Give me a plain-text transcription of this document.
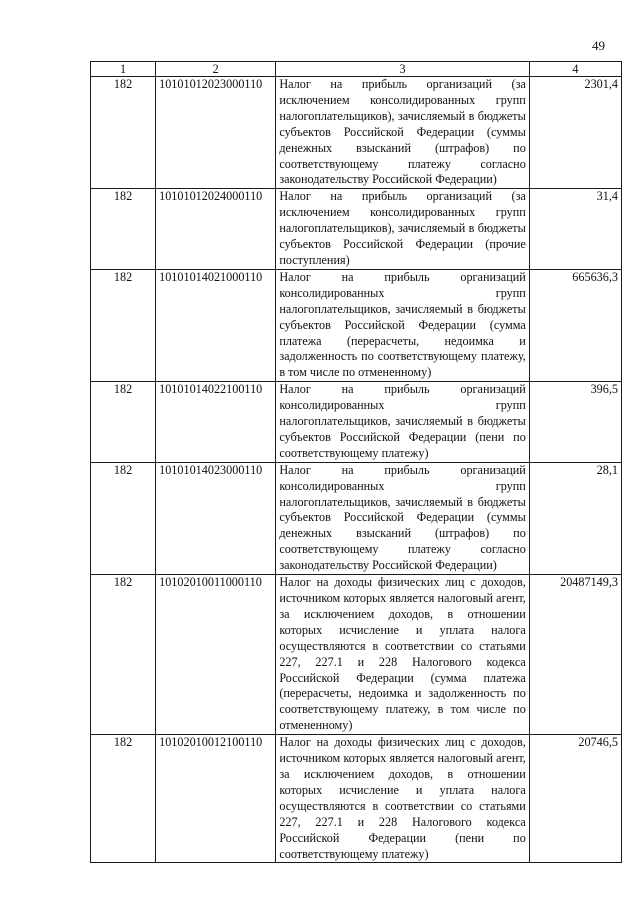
49
1	2	3	4
182	10101012023000110	Налог на прибыль организаций (за исключением консолидированных групп налогоплательщиков), зачисляемый в бюджеты субъектов Российской Федерации (суммы денежных взысканий (штрафов) по соответствующему платежу согласно законодательству Российской Федерации)	2301,4
182	10101012024000110	Налог на прибыль организаций (за исключением консолидированных групп налогоплательщиков), зачисляемый в бюджеты субъектов Российской Федерации (прочие поступления)	31,4
182	10101014021000110	Налог на прибыль организаций консолидированных групп налогоплательщиков, зачисляемый в бюджеты субъектов Российской Федерации (сумма платежа (перерасчеты, недоимка и задолженность по соответствующему платежу, в том числе по отмененному)	665636,3
182	10101014022100110	Налог на прибыль организаций консолидированных групп налогоплательщиков, зачисляемый в бюджеты субъектов Российской Федерации (пени по соответствующему платежу)	396,5
182	10101014023000110	Налог на прибыль организаций консолидированных групп налогоплательщиков, зачисляемый в бюджеты субъектов Российской Федерации (суммы денежных взысканий (штрафов) по соответствующему платежу согласно законодательству Российской Федерации)	28,1
182	10102010011000110	Налог на доходы физических лиц с доходов, источником которых является налоговый агент, за исключением доходов, в отношении которых исчисление и уплата налога осуществляются в соответствии со статьями 227, 227.1 и 228 Налогового кодекса Российской Федерации (сумма платежа (перерасчеты, недоимка и задолженность по соответствующему платежу, в том числе по отмененному)	20487149,3
182	10102010012100110	Налог на доходы физических лиц с доходов, источником которых является налоговый агент, за исключением доходов, в отношении которых исчисление и уплата налога осуществляются в соответствии со статьями 227, 227.1 и 228 Налогового кодекса Российской Федерации (пени по соответствующему платежу)	20746,5
